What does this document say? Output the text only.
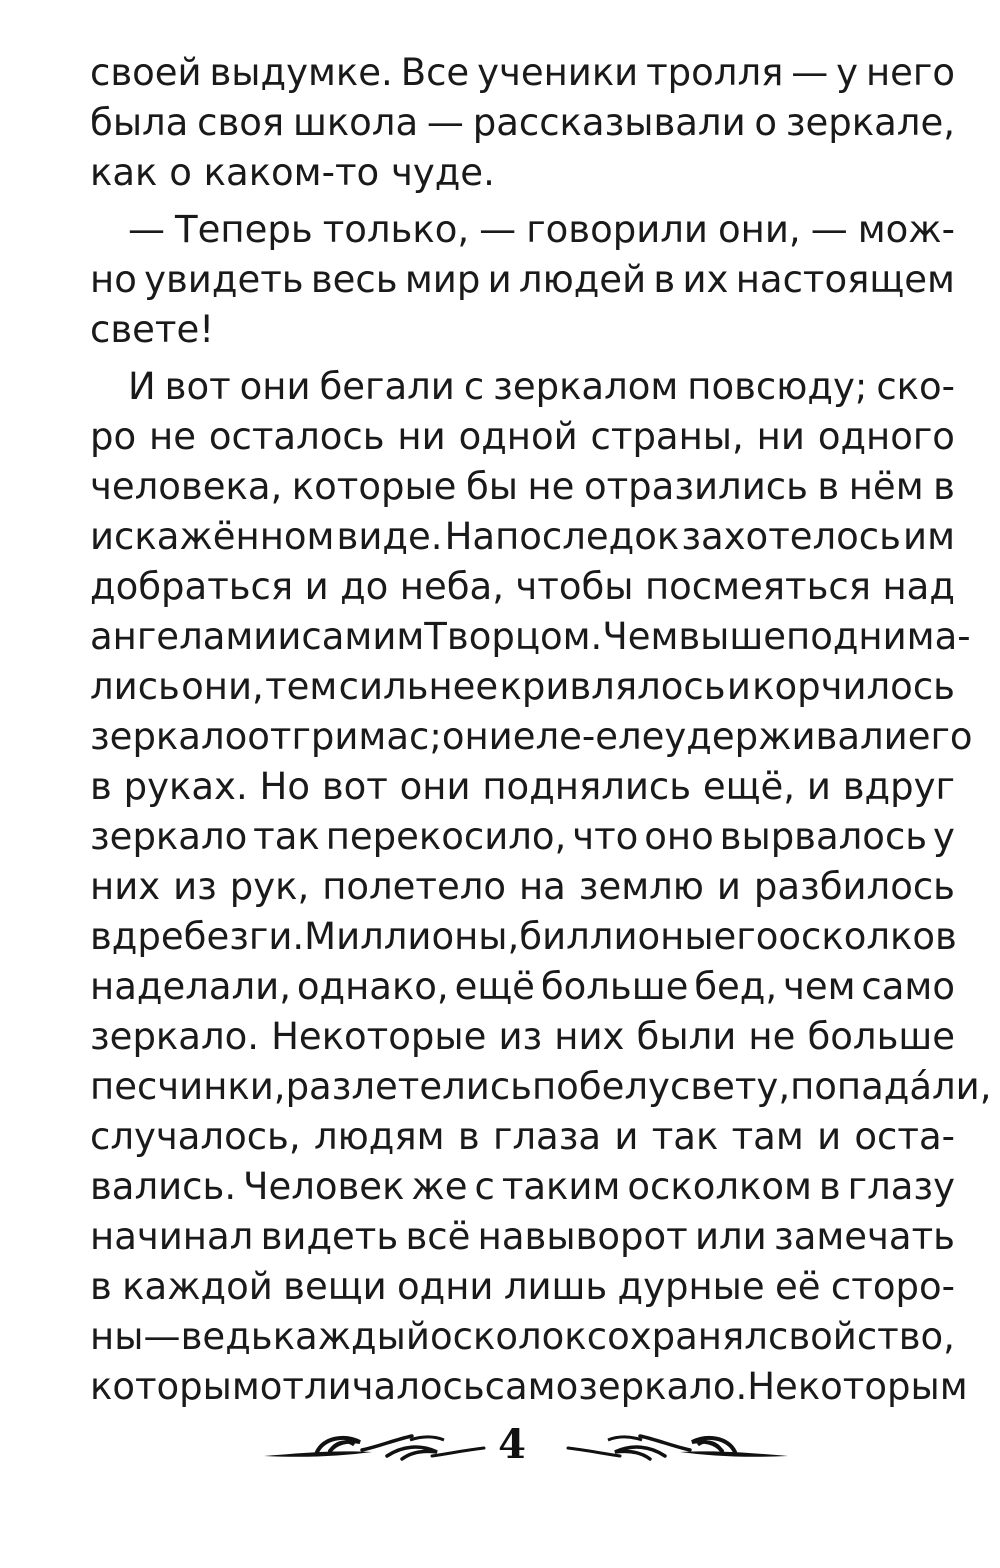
своей выдумке. Все ученики тролля — у него
была своя школа — рассказывали о зеркале,
как о каком-то чуде.
— Теперь только, — говорили они, — мож-
но увидеть весь мир и людей в их настоящем
свете!
И вот они бегали с зеркалом повсюду; ско-
ро не осталось ни одной страны, ни одного
человека, которые бы не отразились в нём в
искажённом виде. Напоследок захотелось им
добраться и до неба, чтобы посмеяться над
ангелами и самим Творцом. Чем выше поднима-
лись они, тем сильнее кривлялось и корчилось
зеркало от гримас; они еле-еле удерживали его
в руках. Но вот они поднялись ещё, и вдруг
зеркало так перекосило, что оно вырвалось у
них из рук, полетело на землю и разбилось
вдребезги. Миллионы, биллионы его осколков
наделали, однако, ещё больше бед, чем само
зеркало. Некоторые из них были не больше
песчинки, разлетелись по белу свету, попада́ли,
случалось, людям в глаза и так там и оста-
вались. Человек же с таким осколком в глазу
начинал видеть всё навыворот или замечать
в каждой вещи одни лишь дурные её сторо-
ны — ведь каждый осколок сохранял свойство,
которым отличалось само зеркало. Некоторым
4
